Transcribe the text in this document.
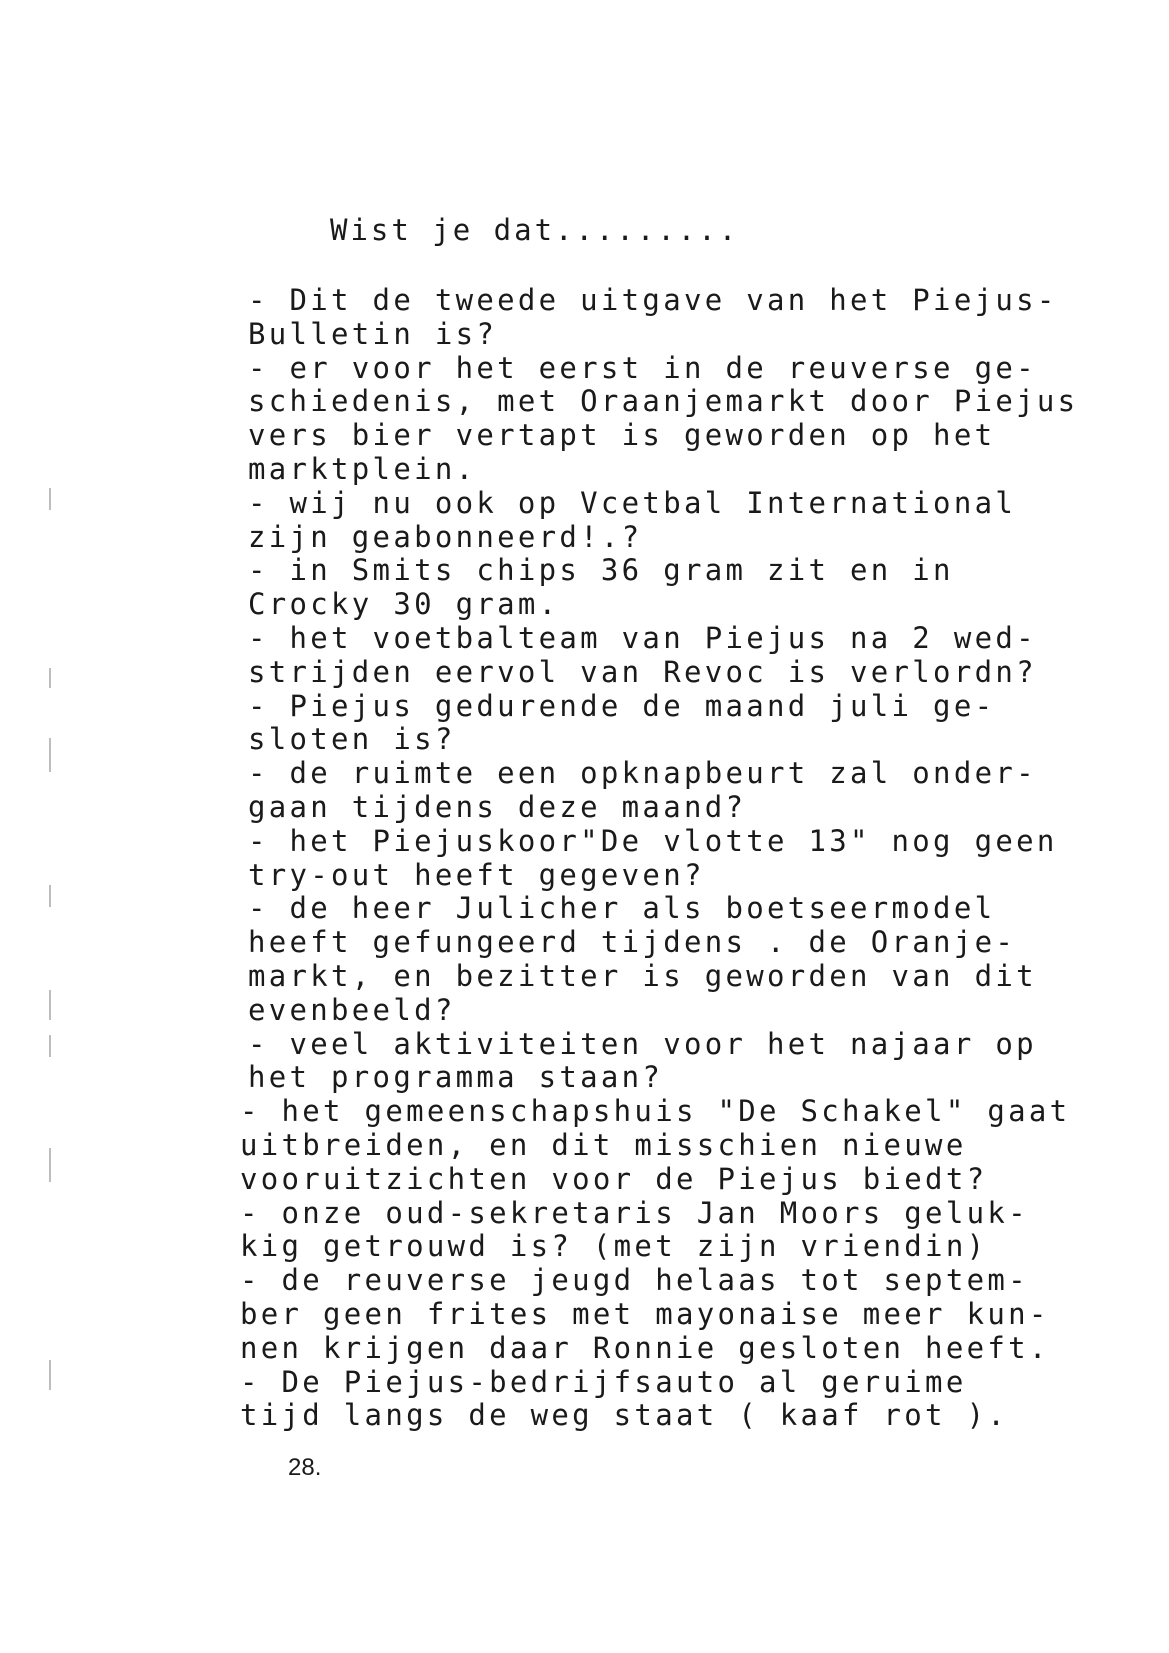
Wist je dat.........
- Dit de tweede uitgave van het Piejus-
Bulletin is?
- er voor het eerst in de reuverse ge-
schiedenis, met Oraanjemarkt door Piejus
vers bier vertapt is geworden op het
marktplein.
- wij nu ook op Vcetbal International
zijn geabonneerd!.?
- in Smits chips 36 gram zit en in
Crocky 30 gram.
- het voetbalteam van Piejus na 2 wed-
strijden eervol van Revoc is verlordn?
- Piejus gedurende de maand juli ge-
sloten is?
- de ruimte een opknapbeurt zal onder-
gaan tijdens deze maand?
- het Piejuskoor"De vlotte 13" nog geen
try-out heeft gegeven?
- de heer Julicher als boetseermodel
heeft gefungeerd tijdens . de Oranje-
markt, en bezitter is geworden van dit
evenbeeld?
- veel aktiviteiten voor het najaar op
het programma staan?
- het gemeenschapshuis "De Schakel" gaat
uitbreiden, en dit misschien nieuwe
vooruitzichten voor de Piejus biedt?
- onze oud-sekretaris Jan Moors geluk-
kig getrouwd is? (met zijn vriendin)
- de reuverse jeugd helaas tot septem-
ber geen frites met mayonaise meer kun-
nen krijgen daar Ronnie gesloten heeft.
- De Piejus-bedrijfsauto al geruime
tijd langs de weg staat ( kaaf rot ).
28.
